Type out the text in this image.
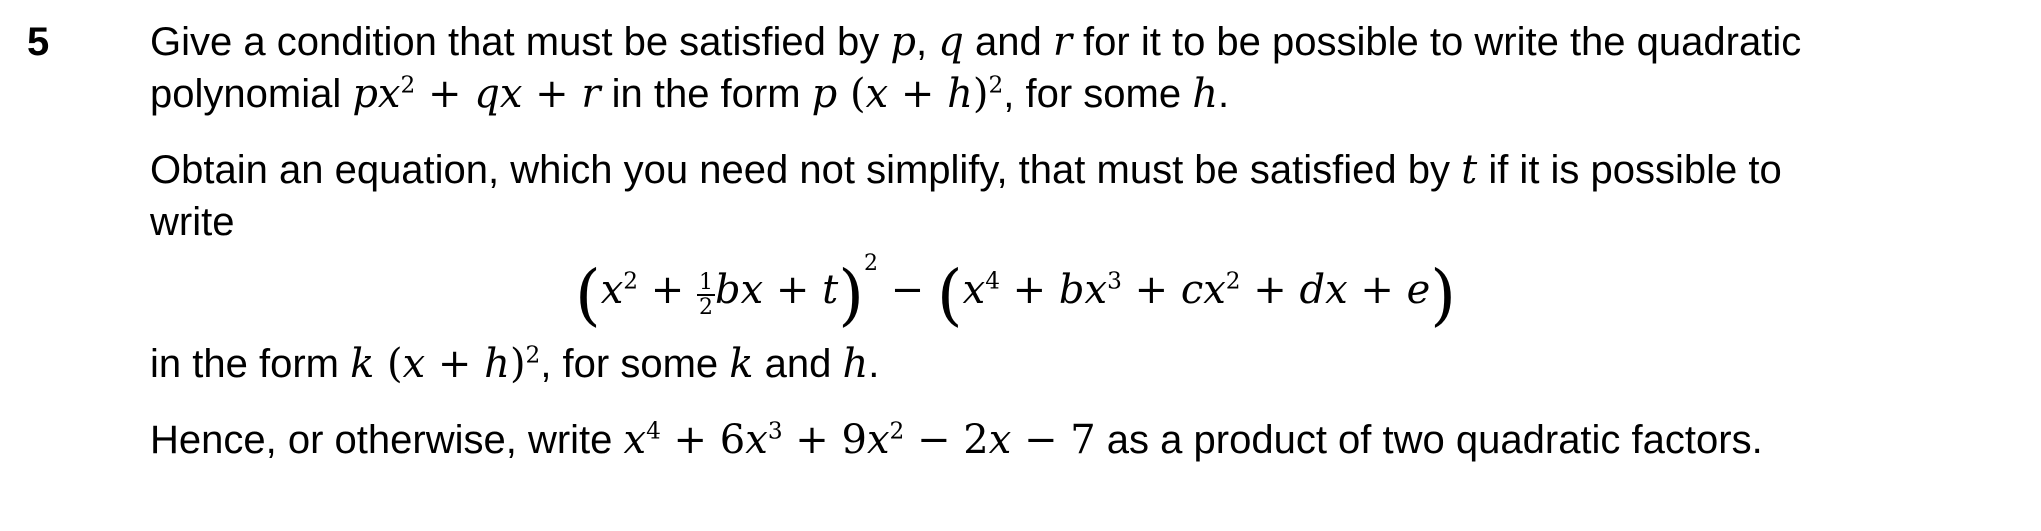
5	Give a condition that must be satisfied by p, q and r for it to be possible to write the quadratic

polynomial $px^2$ + qx + r in the form p $(x + h)^2$, for some h.

Obtain an equation, which you need not simplify, that must be satisfied by t if it is possible to

write

($x^2 + \frac{1}{2}$ bx + $t)^2 - (x^4 + bx^3 + cx^2$ + dx + e)

in the form k $(x + h)^2$, for some k and h.

Hence, or otherwise, write $x^4 + 6x^3 + 9x^2 - 2x - 7$ as a product of two quadratic factors.
